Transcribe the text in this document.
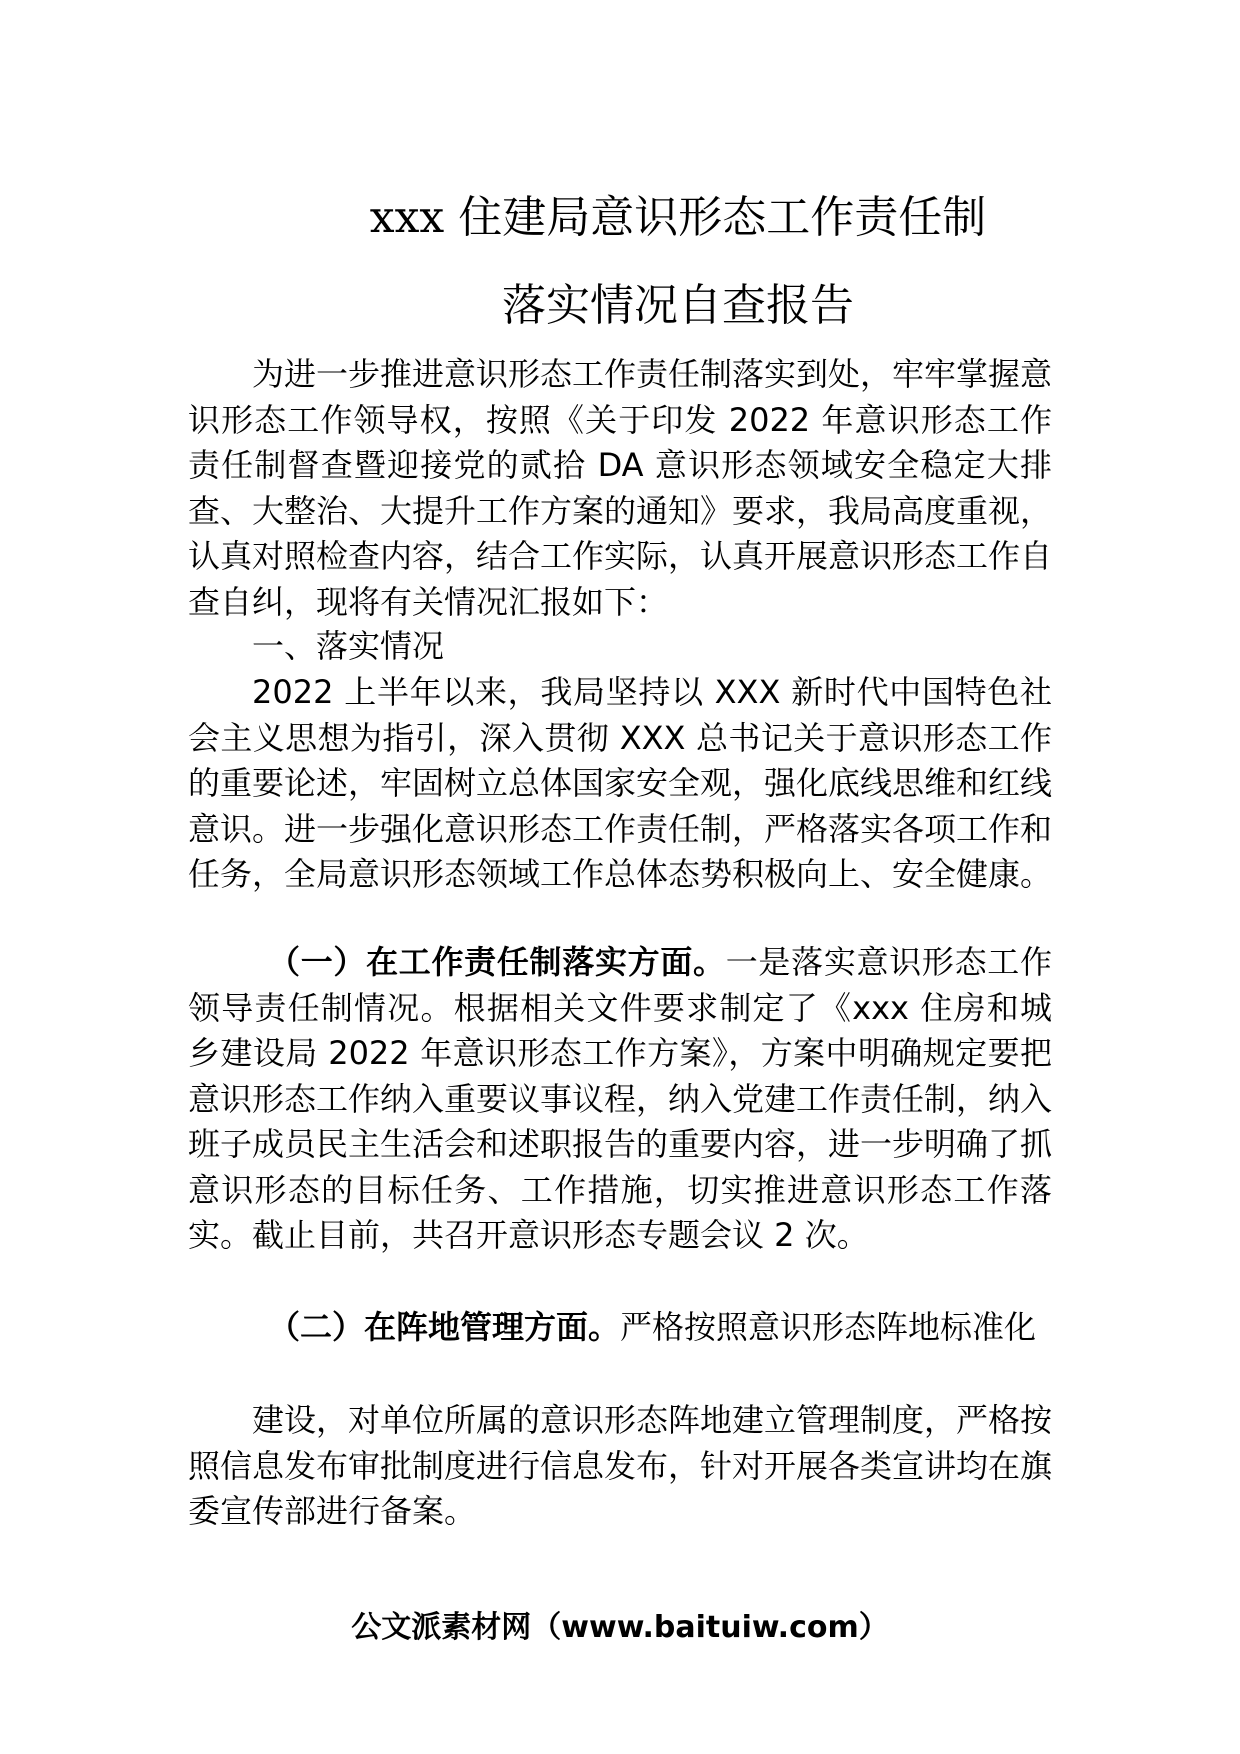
xxx 住建局意识形态工作责任制
落实情况自查报告

为进一步推进意识形态工作责任制落实到处，牢牢掌握意识形态工作领导权，按照《关于印发 2022 年意识形态工作责任制督查暨迎接党的贰拾 DA 意识形态领域安全稳定大排查、大整治、大提升工作方案的通知》要求，我局高度重视，认真对照检查内容，结合工作实际，认真开展意识形态工作自查自纠，现将有关情况汇报如下：

一、落实情况

2022 上半年以来，我局坚持以 XXX 新时代中国特色社会主义思想为指引，深入贯彻 XXX 总书记关于意识形态工作的重要论述，牢固树立总体国家安全观，强化底线思维和红线意识。进一步强化意识形态工作责任制，严格落实各项工作和任务，全局意识形态领域工作总体态势积极向上、安全健康。

（一）在工作责任制落实方面。一是落实意识形态工作领导责任制情况。根据相关文件要求制定了《xxx 住房和城乡建设局 2022 年意识形态工作方案》，方案中明确规定要把意识形态工作纳入重要议事议程，纳入党建工作责任制，纳入班子成员民主生活会和述职报告的重要内容，进一步明确了抓意识形态的目标任务、工作措施，切实推进意识形态工作落实。截止目前，共召开意识形态专题会议 2 次。

（二）在阵地管理方面。严格按照意识形态阵地标准化

建设，对单位所属的意识形态阵地建立管理制度，严格按照信息发布审批制度进行信息发布，针对开展各类宣讲均在旗委宣传部进行备案。

公文派素材网（www.baituiw.com）
